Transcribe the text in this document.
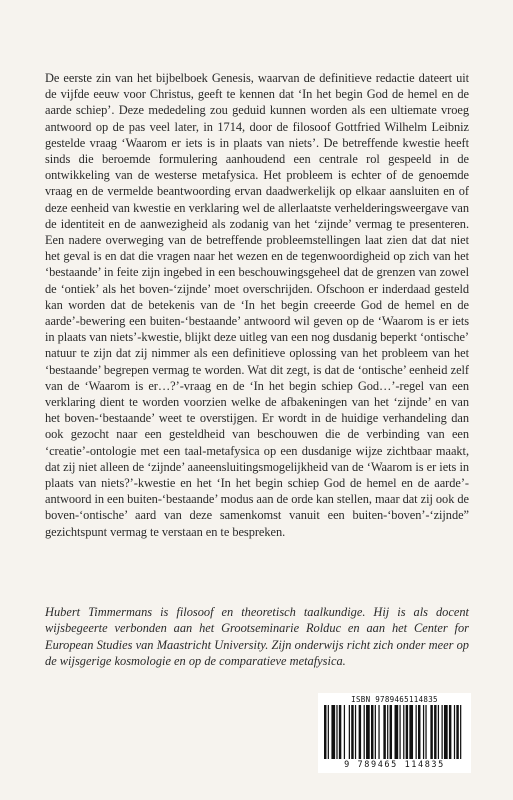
De eerste zin van het bijbelboek Genesis, waarvan de definitieve redactie dateert uit de vijfde eeuw voor Christus, geeft te kennen dat ‘In het begin God de hemel en de aarde schiep’. Deze mededeling zou geduid kunnen worden als een ultiemate vroeg antwoord op de pas veel later, in 1714, door de filosoof Gottfried Wilhelm Leibniz gestelde vraag ‘Waarom er iets is in plaats van niets’. De betreffende kwestie heeft sinds die beroemde formulering aanhoudend een centrale rol gespeeld in de ontwikkeling van de westerse metafysica. Het probleem is echter of de genoemde vraag en de vermelde beantwoording ervan daadwerkelijk op elkaar aansluiten en of deze eenheid van kwestie en verklaring wel de allerlaatste verhelderingsweergave van de identiteit en de aanwezigheid als zodanig van het ‘zijnde’ vermag te presenteren. Een nadere overweging van de betreffende probleemstellingen laat zien dat dat niet het geval is en dat die vragen naar het wezen en de tegenwoordigheid op zich van het ‘bestaande’ in feite zijn ingebed in een beschouwingsgeheel dat de grenzen van zowel de ‘ontiek’ als het boven-‘zijnde’ moet overschrijden. Ofschoon er inderdaad gesteld kan worden dat de betekenis van de ‘In het begin creeerde God de hemel en de aarde’-bewering een buiten-‘bestaande’ antwoord wil geven op de ‘Waarom is er iets in plaats van niets’-kwestie, blijkt deze uitleg van een nog dusdanig beperkt ‘ontische’ natuur te zijn dat zij nimmer als een definitieve oplossing van het probleem van het ‘bestaande’ begrepen vermag te worden. Wat dit zegt, is dat de ‘ontische’ eenheid zelf van de ‘Waarom is er…?’-vraag en de ‘In het begin schiep God…’-regel van een verklaring dient te worden voorzien welke de afbakeningen van het ‘zijnde’ en van het boven-‘bestaande’ weet te overstijgen. Er wordt in de huidige verhandeling dan ook gezocht naar een gesteldheid van beschouwen die de verbinding van een ‘creatie’-ontologie met een taal-metafysica op een dusdanige wijze zichtbaar maakt, dat zij niet alleen de ‘zijnde’ aaneensluitingsmogelijkheid van de ‘Waarom is er iets in plaats van niets?’-kwestie en het ‘In het begin schiep God de hemel en de aarde’- antwoord in een buiten-‘bestaande’ modus aan de orde kan stellen, maar dat zij ook de boven-‘ontische’ aard van deze samenkomst vanuit een buiten-‘boven’-‘zijnde” gezichtspunt vermag te verstaan en te bespreken.

Hubert Timmermans is filosoof en theoretisch taalkundige. Hij is als docent wijsbegeerte verbonden aan het Grootseminarie Rolduc en aan het Center for European Studies van Maastricht University. Zijn onderwijs richt zich onder meer op de wijsgerige kosmologie en op de comparatieve metafysica.

ISBN 9789465114835
9 789465 114835
